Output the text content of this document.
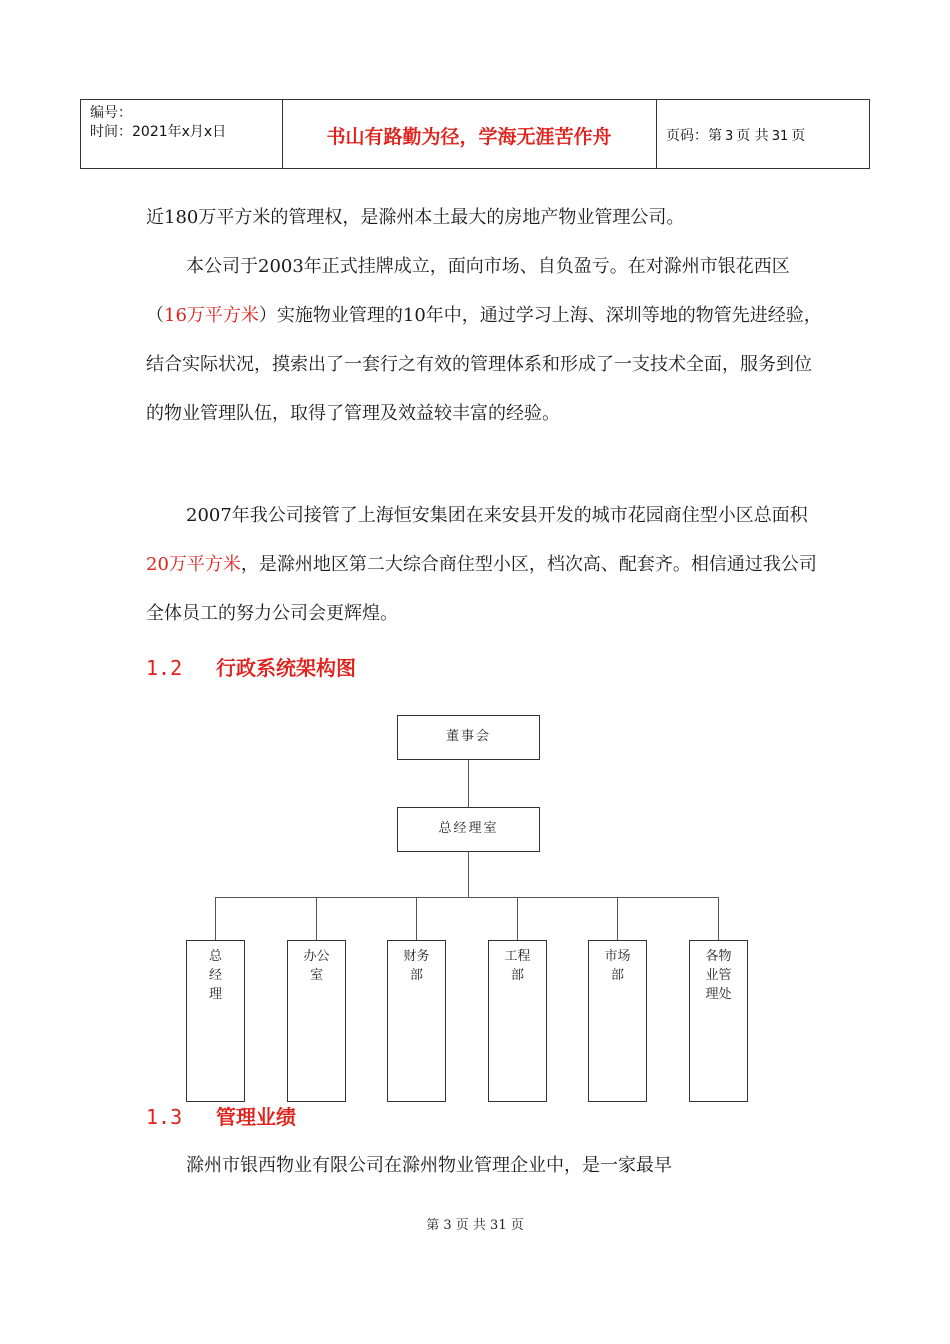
编号：
时间：2021年x月x日	书山有路勤为径，学海无涯苦作舟	页码：第 3 页 共 31 页

近180万平方米的管理权，是滁州本土最大的房地产物业管理公司。

本公司于2003年正式挂牌成立，面向市场、自负盈亏。在对滁州市银花西区（16万平方米）实施物业管理的10年中，通过学习上海、深圳等地的物管先进经验，结合实际状况，摸索出了一套行之有效的管理体系和形成了一支技术全面，服务到位的物业管理队伍，取得了管理及效益较丰富的经验。

2007年我公司接管了上海恒安集团在来安县开发的城市花园商住型小区总面积20万平方米，是滁州地区第二大综合商住型小区，档次高、配套齐。相信通过我公司全体员工的努力公司会更辉煌。

1.2 行政系统架构图
董事会
总经理室
总经理
办公室
财务部
工程部
市场部
各物业管理处
1.3 管理业绩

滁州市银西物业有限公司在滁州物业管理企业中，是一家最早

第 3 页 共 31 页
